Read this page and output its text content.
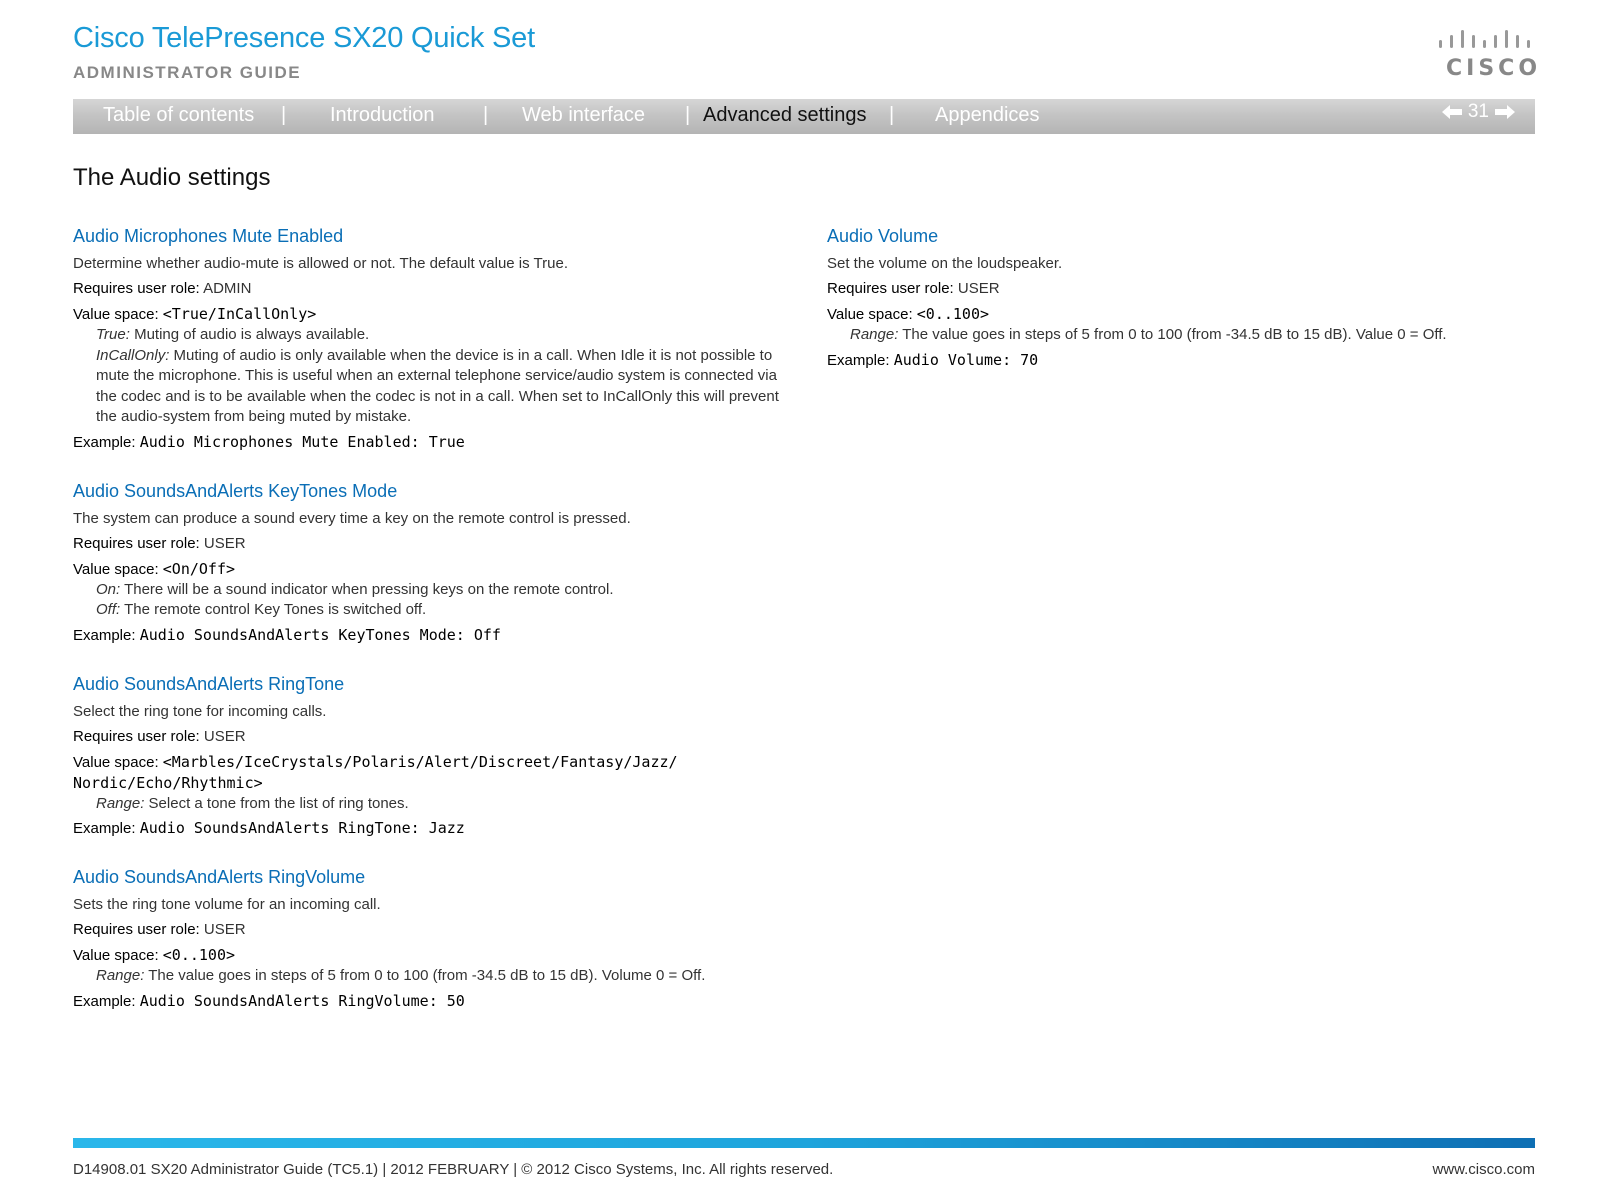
Cisco TelePresence SX20 Quick Set
ADMINISTRATOR GUIDE	CISCO
Table of contents | Introduction | Web interface | Advanced settings | Appendices	31
The Audio settings
Audio Microphones Mute Enabled
Determine whether audio-mute is allowed or not. The default value is True.
Requires user role: ADMIN
Value space: <True/InCallOnly>
True: Muting of audio is always available.
InCallOnly: Muting of audio is only available when the device is in a call. When Idle it is not possible to mute the microphone. This is useful when an external telephone service/audio system is connected via the codec and is to be available when the codec is not in a call. When set to InCallOnly this will prevent the audio-system from being muted by mistake.
Example: Audio Microphones Mute Enabled: True
Audio SoundsAndAlerts KeyTones Mode
The system can produce a sound every time a key on the remote control is pressed.
Requires user role: USER
Value space: <On/Off>
On: There will be a sound indicator when pressing keys on the remote control.
Off: The remote control Key Tones is switched off.
Example: Audio SoundsAndAlerts KeyTones Mode: Off
Audio SoundsAndAlerts RingTone
Select the ring tone for incoming calls.
Requires user role: USER
Value space: <Marbles/IceCrystals/Polaris/Alert/Discreet/Fantasy/Jazz/
Nordic/Echo/Rhythmic>
Range: Select a tone from the list of ring tones.
Example: Audio SoundsAndAlerts RingTone: Jazz
Audio SoundsAndAlerts RingVolume
Sets the ring tone volume for an incoming call.
Requires user role: USER
Value space: <0..100>
Range: The value goes in steps of 5 from 0 to 100 (from -34.5 dB to 15 dB). Volume 0 = Off.
Example: Audio SoundsAndAlerts RingVolume: 50
Audio Volume
Set the volume on the loudspeaker.
Requires user role: USER
Value space: <0..100>
Range: The value goes in steps of 5 from 0 to 100 (from -34.5 dB to 15 dB). Value 0 = Off.
Example: Audio Volume: 70
D14908.01 SX20 Administrator Guide (TC5.1) | 2012 FEBRUARY | © 2012 Cisco Systems, Inc. All rights reserved.	www.cisco.com
